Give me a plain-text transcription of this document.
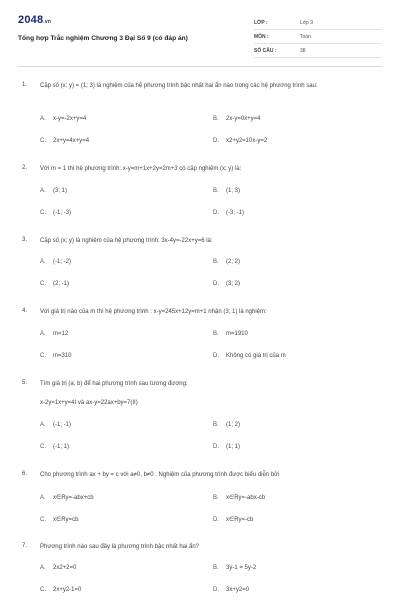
2048.vn
Tổng hợp Trắc nghiệm Chương 3 Đại Số 9 (có đáp án)
LỚP :	Lớp 9
MÔN :	Toán
SỐ CÂU :	38
1. Cặp số (x; y) = (1; 3) là nghiệm của hệ phương trình bậc nhất hai ẩn nào trong các hệ phương trình sau:
A. x-y=-2x+y=4	B. 2x-y=0x+y=4
C. 2x+y=4x+y=4	D. x2+y2=10x-y=2
2. Với m = 1 thì hệ phương trình: x-y=m+1x+2y=2m+3 có cặp nghiệm (x; y) là:
A. (3; 1)	B. (1; 3)
C. (-1; -3)	D. (-3; -1)
3. Cặp số (x; y) là nghiệm của hệ phương trình: 3x-4y=-22x+y=6 là:
A. (-1; -2)	B. (2; 2)
C. (2; -1)	D. (3; 2)
4. Với giá trị nào của m thì hệ phương trình : x-y=245x+12y=m+1 nhận (3; 1) là nghiệm:
A. m=12	B. m=1910
C. m=310	D. Không có giá trị của m
5. Tìm giá trị (a; b) để hai phương trình sau tương đương:
x-2y=1x+y=4I và ax-y=22ax+by=7(II)
A. (-1; -1)	B. (1; 2)
C. (-1; 1)	D. (1; 1)
6. Cho phương trình ax + by = c với a≠0, b≠0 . Nghiệm của phương trình được biểu diễn bởi
A. x∈Ry=-abx+cb	B. x∈Ry=-abx-cb
C. x∈Ry=cb	D. x∈Ry=-cb
7. Phương trình nào sau đây là phương trình bậc nhất hai ẩn?
A. 2x2+2=0	B. 3y-1 = 5y-2
C. 2x+y2-1=0	D. 3x+y2=0
